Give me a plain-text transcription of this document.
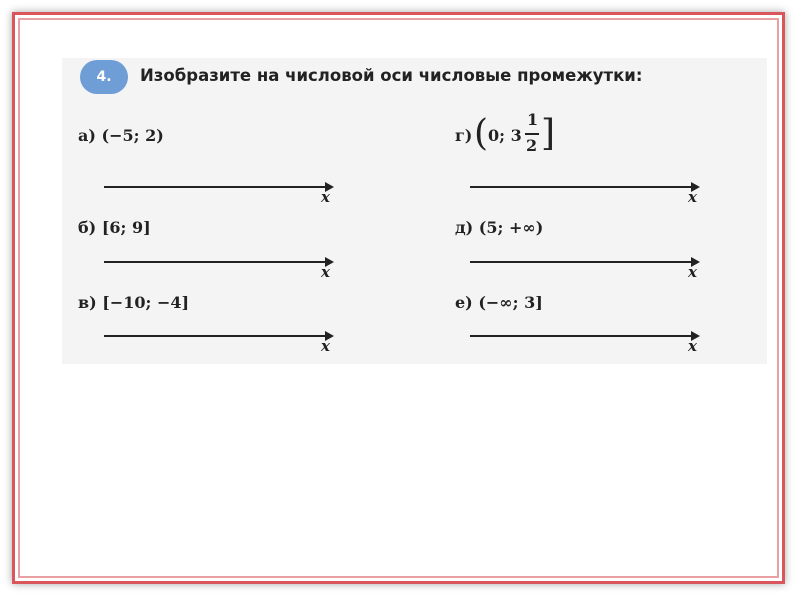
4.	Изобразите на числовой оси числовые промежутки:
а) (−5; 2)
x
б) [6; 9]
x
в) [−10; −4]
x
г) ( 0; 3
1
2 ]
x
д) (5; +∞)
x
е) (−∞; 3]
x
